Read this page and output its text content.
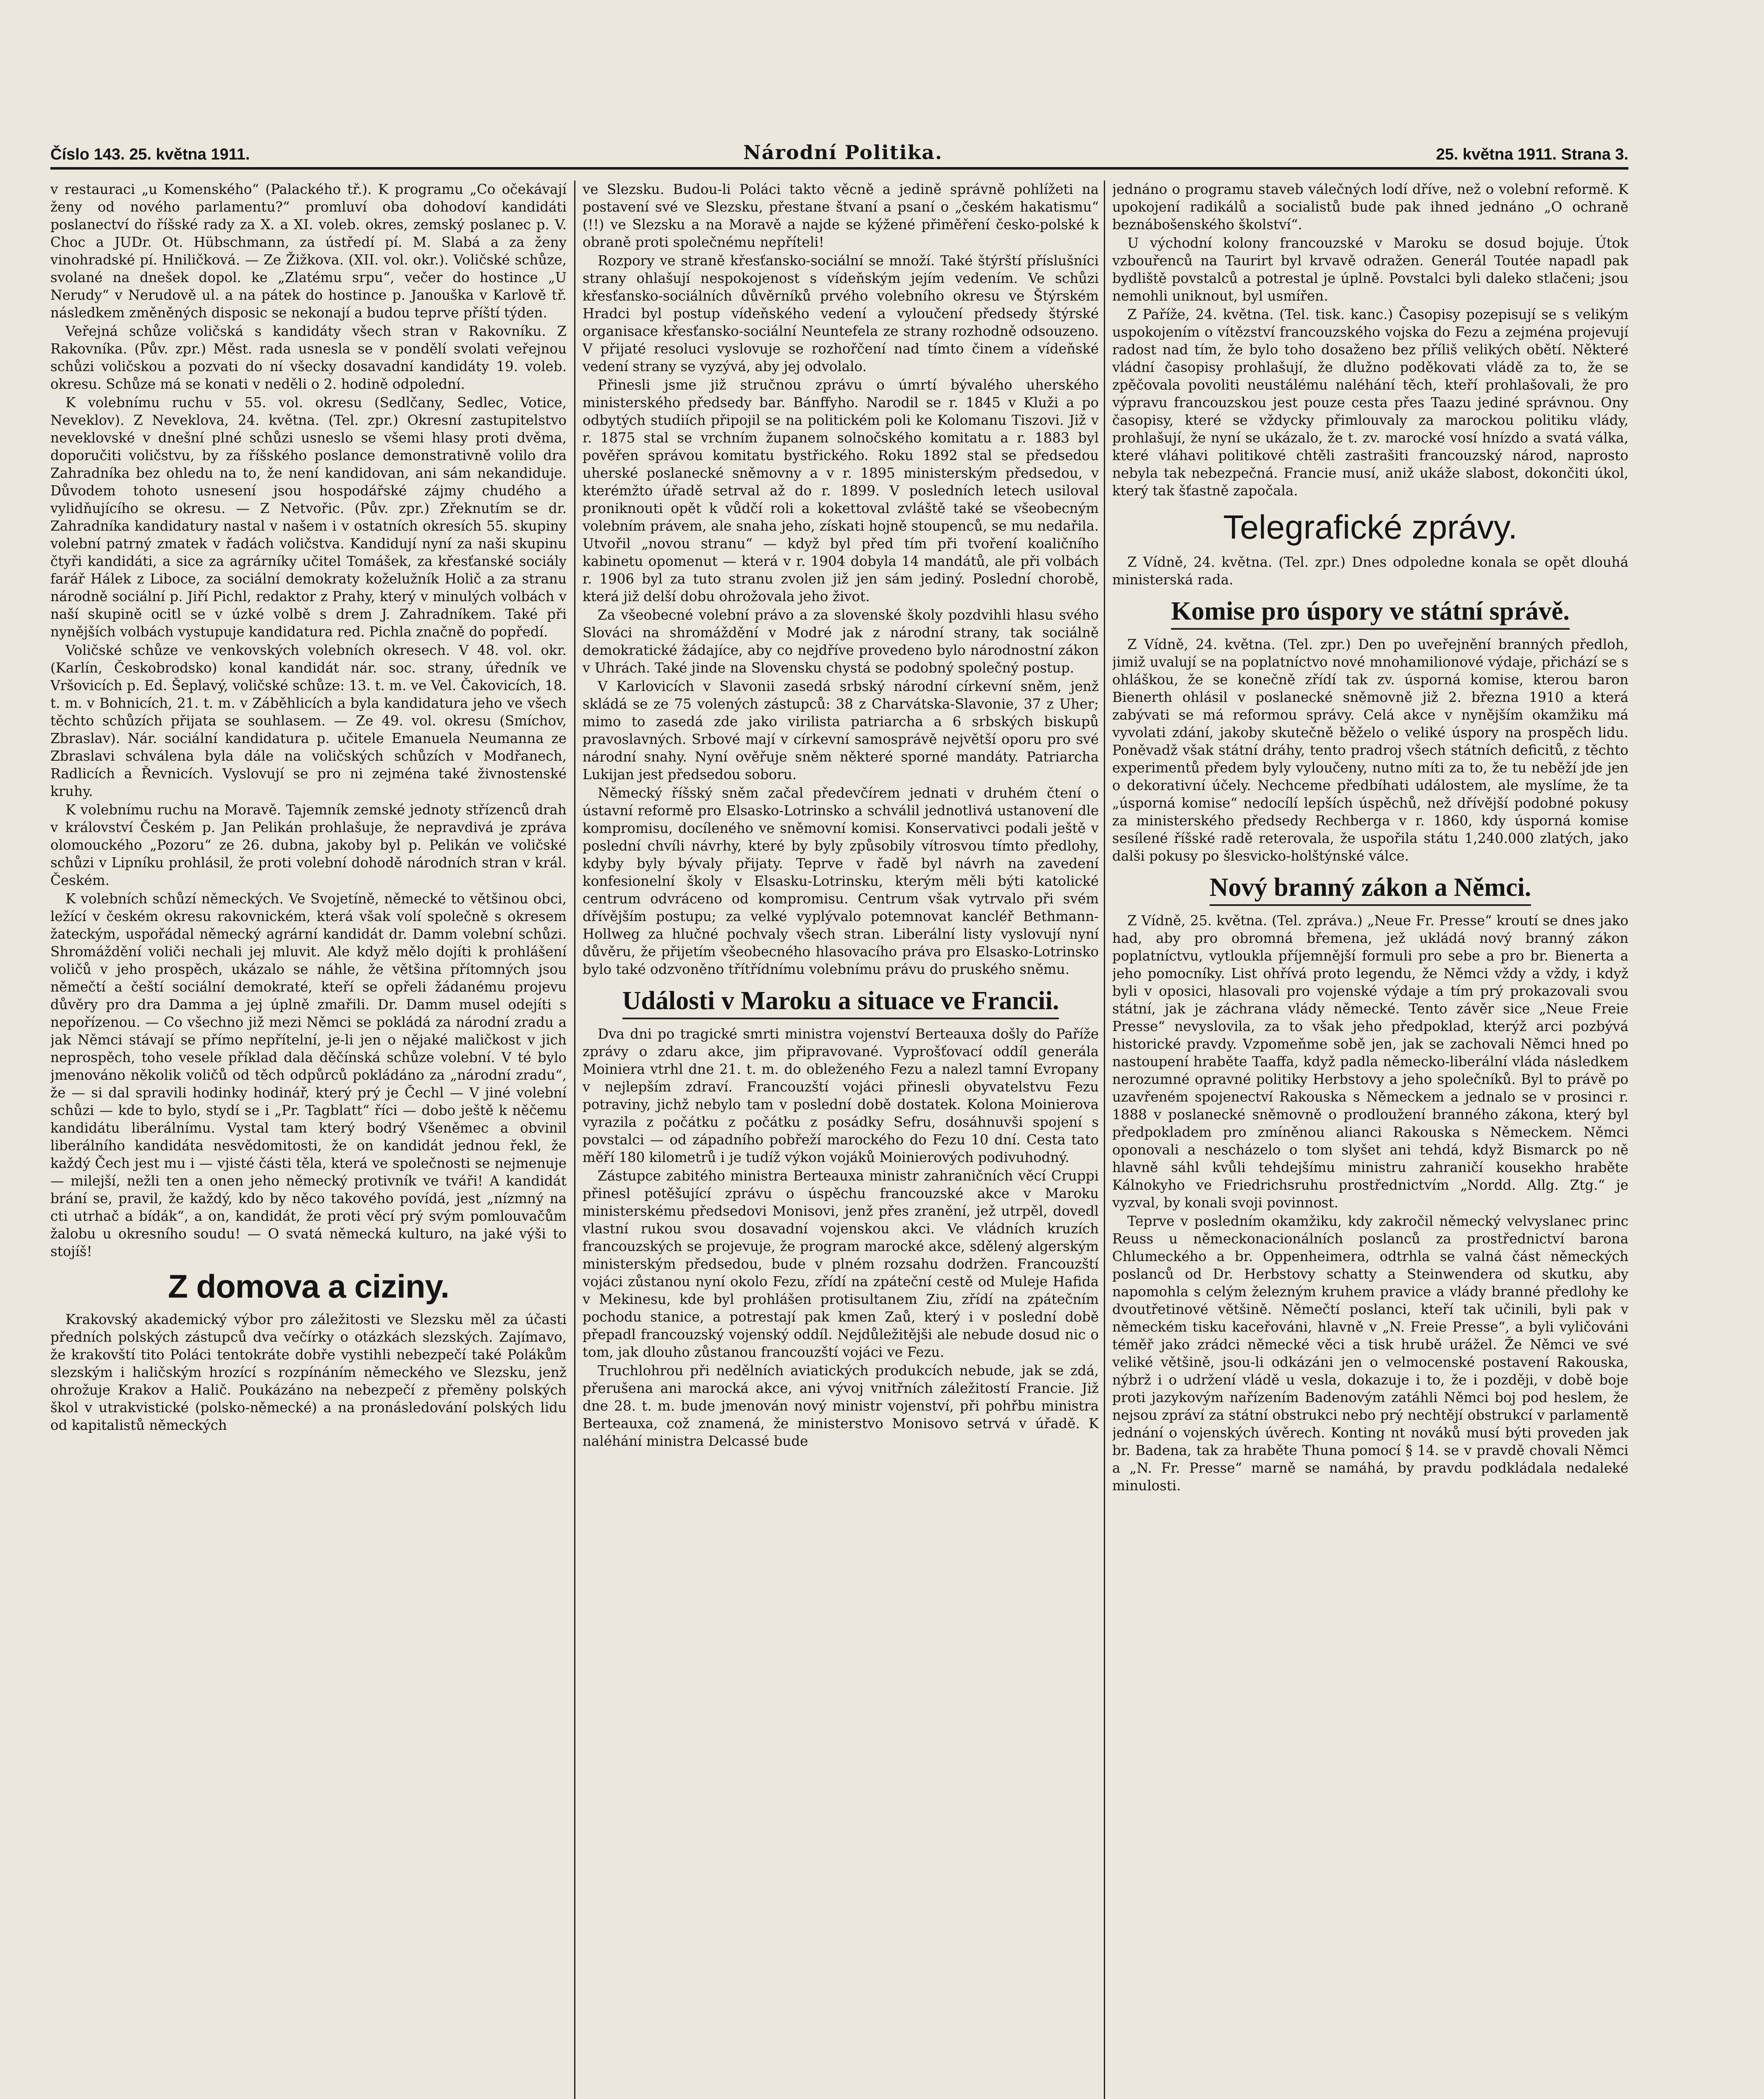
Číslo 143. 25. května 1911.	Národní Politika.	25. května 1911. Strana 3.

v restauraci „u Komenského“ (Palackého tř.). K programu „Co očekávají ženy od nového parlamentu?“ promluví oba dohodoví kandidáti poslanectví do říšské rady za X. a XI. voleb. okres, zemský poslanec p. V. Choc a JUDr. Ot. Hübschmann, za ústředí pí. M. Slabá a za ženy vinohradské pí. Hniličková. — Ze Žižkova. (XII. vol. okr.). Voličské schůze, svolané na dnešek dopol. ke „Zlatému srpu“, večer do hostince „U Nerudy“ v Nerudově ul. a na pátek do hostince p. Janouška v Karlově tř. následkem změněných disposic se nekonají a budou teprve příští týden.

Veřejná schůze voličská s kandidáty všech stran v Rakovníku. Z Rakovníka. (Pův. zpr.) Měst. rada usnesla se v pondělí svolati veřejnou schůzi voličskou a pozvati do ní všecky dosavadní kandidáty 19. voleb. okresu. Schůze má se konati v neděli o 2. hodině odpolední.

K volebnímu ruchu v 55. vol. okresu (Sedlčany, Sedlec, Votice, Neveklov). Z Neveklova, 24. května. (Tel. zpr.) Okresní zastupitelstvo neveklovské v dnešní plné schůzi usneslo se všemi hlasy proti dvěma, doporučiti voličstvu, by za říšského poslance demonstrativně volilo dra Zahradníka bez ohledu na to, že není kandidovan, ani sám nekandiduje. Důvodem tohoto usnesení jsou hospodářské zájmy chudého a vylidňujícího se okresu. — Z Netvořic. (Pův. zpr.) Zřeknutím se dr. Zahradníka kandidatury nastal v našem i v ostatních okresích 55. skupiny volební patrný zmatek v řadách voličstva. Kandidují nyní za naši skupinu čtyři kandidáti, a sice za agrárníky učitel Tomášek, za křesťanské sociály farář Hálek z Liboce, za sociální demokraty koželužník Holič a za stranu národně sociální p. Jiří Pichl, redaktor z Prahy, který v minulých volbách v naší skupině ocitl se v úzké volbě s drem J. Zahradníkem. Také při nynějších volbách vystupuje kandidatura red. Pichla značně do popředí.

Voličské schůze ve venkovských volebních okresech. V 48. vol. okr. (Karlín, Českobrodsko) konal kandidát nár. soc. strany, úředník ve Vršovicích p. Ed. Šeplavý, voličské schůze: 13. t. m. ve Vel. Čakovicích, 18. t. m. v Bohnicích, 21. t. m. v Záběhlicích a byla kandidatura jeho ve všech těchto schůzích přijata se souhlasem. — Ze 49. vol. okresu (Smíchov, Zbraslav). Nár. sociální kandidatura p. učitele Emanuela Neumanna ze Zbraslavi schválena byla dále na voličských schůzích v Modřanech, Radlicích a Řevnicích. Vyslovují se pro ni zejména také živnostenské kruhy.

K volebnímu ruchu na Moravě. Tajemník zemské jednoty střízenců drah v království Českém p. Jan Pelikán prohlašuje, že nepravdivá je zpráva olomouckého „Pozoru“ ze 26. dubna, jakoby byl p. Pelikán ve voličské schůzi v Lipníku prohlásil, že proti volební dohodě národních stran v král. Českém.

K volebních schůzí německých. Ve Svojetíně, německé to většinou obci, ležící v českém okresu rakovnickém, která však volí společně s okresem žateckým, uspořádal německý agrární kandidát dr. Damm volební schůzi. Shromáždění voliči nechali jej mluvit. Ale když mělo dojíti k prohlášení voličů v jeho prospěch, ukázalo se náhle, že většina přítomných jsou němečtí a čeští sociální demokraté, kteří se opřeli žádanému projevu důvěry pro dra Damma a jej úplně zmařili. Dr. Damm musel odejíti s nepořízenou. — Co všechno již mezi Němci se pokládá za národní zradu a jak Němci stávají se přímo nepřítelní, je-li jen o nějaké maličkost v jich neprospěch, toho vesele příklad dala děčínská schůze volební. V té bylo jmenováno několik voličů od těch odpůrců pokládáno za „národní zradu“, že — si dal spravili hodinky hodinář, který prý je Čechl — V jiné volební schůzi — kde to bylo, stydí se i „Pr. Tagblatt“ říci — dobo ještě k něčemu kandidátu liberálnímu. Vystal tam který bodrý Všeněmec a obvinil liberálního kandidáta nesvědomitosti, že on kandidát jednou řekl, že každý Čech jest mu i — vjisté části těla, která ve společnosti se nejmenuje — milejší, nežli ten a onen jeho německý protivník ve tváři! A kandidát brání se, pravil, že každý, kdo by něco takového povídá, jest „nízmný na cti utrhač a bídák“, a on, kandidát, že proti věcí prý svým pomlouvačům žalobu u okresního soudu! — O svatá německá kulturo, na jaké výši to stojíš!

Z domova a ciziny.

Krakovský akademický výbor pro záležitosti ve Slezsku měl za účasti předních polských zástupců dva večírky o otázkách slezských. Zajímavo, že krakovští tito Poláci tentokráte dobře vystihli nebezpečí také Polákům slezským i haličským hrozící s rozpínáním německého ve Slezsku, jenž ohrožuje Krakov a Halič. Poukázáno na nebezpečí z přeměny polských škol v utrakvistické (polsko-německé) a na pronásledování polských lidu od kapitalistů německých

ve Slezsku. Budou-li Poláci takto věcně a jedině správně pohlížeti na postavení své ve Slezsku, přestane štvaní a psaní o „českém hakatismu“ (!!) ve Slezsku a na Moravě a najde se kýžené přiměření česko-polské k obraně proti společnému nepříteli!

Rozpory ve straně křesťansko-sociální se množí. Také štýrští příslušníci strany ohlašují nespokojenost s vídeňským jejím vedením. Ve schůzi křesťansko-sociálních důvěrníků prvého volebního okresu ve Štýrském Hradci byl postup vídeňského vedení a vyloučení předsedy štýrské organisace křesťansko-sociální Neuntefela ze strany rozhodně odsouzeno. V přijaté resoluci vyslovuje se rozhořčení nad tímto činem a vídeňské vedení strany se vyzývá, aby jej odvolalo.

Přinesli jsme již stručnou zprávu o úmrtí bývalého uherského ministerského předsedy bar. Bánffyho. Narodil se r. 1845 v Kluži a po odbytých studiích připojil se na politickém poli ke Kolomanu Tiszovi. Již v r. 1875 stal se vrchním županem solnočského komitatu a r. 1883 byl pověřen správou komitatu bystřického. Roku 1892 stal se předsedou uherské poslanecké sněmovny a v r. 1895 ministerským předsedou, v kterémžto úřadě setrval až do r. 1899. V posledních letech usiloval proniknouti opět k vůdčí roli a kokettoval zvláště také se všeobecným volebním právem, ale snaha jeho, získati hojně stoupenců, se mu nedařila. Utvořil „novou stranu“ — když byl před tím při tvoření koaličního kabinetu opomenut — která v r. 1904 dobyla 14 mandátů, ale při volbách r. 1906 byl za tuto stranu zvolen již jen sám jediný. Poslední chorobě, která již delší dobu ohrožovala jeho život.

Za všeobecné volební právo a za slovenské školy pozdvihli hlasu svého Slováci na shromáždění v Modré jak z národní strany, tak sociálně demokratické žádajíce, aby co nejdříve provedeno bylo národnostní zákon v Uhrách. Také jinde na Slovensku chystá se podobný společný postup.

V Karlovicích v Slavonii zasedá srbský národní církevní sněm, jenž skládá se ze 75 volených zástupců: 38 z Charvátska-Slavonie, 37 z Uher; mimo to zasedá zde jako virilista patriarcha a 6 srbských biskupů pravoslavných. Srbové mají v církevní samosprávě největší oporu pro své národní snahy. Nyní ověřuje sněm některé sporné mandáty. Patriarcha Lukijan jest předsedou soboru.

Německý říšský sněm začal předevčírem jednati v druhém čtení o ústavní reformě pro Elsasko-Lotrinsko a schválil jednotlivá ustanovení dle kompromisu, docíleného ve sněmovní komisi. Konservativci podali ještě v poslední chvíli návrhy, které by byly způsobily vítrosvou tímto předlohy, kdyby byly bývaly přijaty. Teprve v řadě byl návrh na zavedení konfesionelní školy v Elsasku-Lotrinsku, kterým měli býti katolické centrum odvráceno od kompromisu. Centrum však vytrvalo při svém dřívějším postupu; za velké vyplývalo potemnovat kancléř Bethmann-Hollweg za hlučné pochvaly všech stran. Liberální listy vyslovují nyní důvěru, že přijetím všeobecného hlasovacího práva pro Elsasko-Lotrinsko bylo také odzvoněno třítřídnímu volebnímu právu do pruského sněmu.

Události v Maroku a situace ve Francii.

Dva dni po tragické smrti ministra vojenství Berteauxa došly do Paříže zprávy o zdaru akce, jim připravované. Vyprošťovací oddíl generála Moiniera vtrhl dne 21. t. m. do obleženého Fezu a nalezl tamní Evropany v nejlepším zdraví. Francouzští vojáci přinesli obyvatelstvu Fezu potraviny, jichž nebylo tam v poslední době dostatek. Kolona Moinierova vyrazila z počátku z počátku z posádky Sefru, dosáhnuvši spojení s povstalci — od západního pobřeží marockého do Fezu 10 dní. Cesta tato měří 180 kilometrů i je tudíž výkon vojáků Moinierových podivuhodný.

Zástupce zabitého ministra Berteauxa ministr zahraničních věcí Cruppi přinesl potěšující zprávu o úspěchu francouzské akce v Maroku ministerskému předsedovi Monisovi, jenž přes zranění, jež utrpěl, dovedl vlastní rukou svou dosavadní vojenskou akci. Ve vládních kruzích francouzských se projevuje, že program marocké akce, sdělený algerským ministerským předsedou, bude v plném rozsahu dodržen. Francouzští vojáci zůstanou nyní okolo Fezu, zřídí na zpáteční cestě od Muleje Hafida v Mekinesu, kde byl prohlášen protisultanem Ziu, zřídí na zpátečním pochodu stanice, a potrestají pak kmen Zaů, který i v poslední době přepadl francouzský vojenský oddíl. Nejdůležitějši ale nebude dosud nic o tom, jak dlouho zůstanou francouzští vojáci ve Fezu.

Truchlohrou při nedělních aviatických produkcích nebude, jak se zdá, přerušena ani marocká akce, ani vývoj vnitřních záležitostí Francie. Již dne 28. t. m. bude jmenován nový ministr vojenství, při pohřbu ministra Berteauxa, což znamená, že ministerstvo Monisovo setrvá v úřadě. K naléhání ministra Delcassé bude

jednáno o programu staveb válečných lodí dříve, než o volební reformě. K upokojení radikálů a socialistů bude pak ihned jednáno „O ochraně beznábošenského školství“.

U východní kolony francouzské v Maroku se dosud bojuje. Útok vzbouřenců na Taurirt byl krvavě odražen. Generál Toutée napadl pak bydliště povstalců a potrestal je úplně. Povstalci byli daleko stlačeni; jsou nemohli uniknout, byl usmířen.

Z Paříže, 24. května. (Tel. tisk. kanc.) Časopisy pozepisují se s velikým uspokojením o vítězství francouzského vojska do Fezu a zejména projevují radost nad tím, že bylo toho dosaženo bez příliš velikých obětí. Některé vládní časopisy prohlašují, že dlužno poděkovati vládě za to, že se zpěčovala povoliti neustálému naléhání těch, kteří prohlašovali, že pro výpravu francouzskou jest pouze cesta přes Taazu jediné správnou. Ony časopisy, které se vždycky přimlouvaly za marockou politiku vlády, prohlašují, že nyní se ukázalo, že t. zv. marocké vosí hnízdo a svatá válka, které vláhavi politikové chtěli zastrašiti francouzský národ, naprosto nebyla tak nebezpečná. Francie musí, aniž ukáže slabost, dokončiti úkol, který tak šťastně započala.

Telegrafické zprávy.

Z Vídně, 24. května. (Tel. zpr.) Dnes odpoledne konala se opět dlouhá ministerská rada.

Komise pro úspory ve státní správě.

Z Vídně, 24. května. (Tel. zpr.) Den po uveřejnění branných předloh, jimiž uvalují se na poplatníctvo nové mnohamilionové výdaje, přichází se s ohláškou, že se konečně zřídí tak zv. úsporná komise, kterou baron Bienerth ohlásil v poslanecké sněmovně již 2. března 1910 a která zabývati se má reformou správy. Celá akce v nynějším okamžiku má vyvolati zdání, jakoby skutečně běželo o veliké úspory na prospěch lidu. Poněvadž však státní dráhy, tento pradroj všech státních deficitů, z těchto experimentů předem byly vyloučeny, nutno míti za to, že tu neběží jde jen o dekorativní účely. Nechceme předbíhati událostem, ale myslíme, že ta „úsporná komise“ nedocílí lepších úspěchů, než dřívější podobné pokusy za ministerského předsedy Rechberga v r. 1860, kdy úsporná komise sesílené říšské radě reterovala, že uspořila státu 1,240.000 zlatých, jako dalši pokusy po šlesvicko-holštýnské válce.

Nový branný zákon a Němci.

Z Vídně, 25. května. (Tel. zpráva.) „Neue Fr. Presse“ kroutí se dnes jako had, aby pro obromná břemena, jež ukládá nový branný zákon poplatníctvu, vytloukla příjemnější formuli pro sebe a pro br. Bienerta a jeho pomocníky. List ohřívá proto legendu, že Němci vždy a vždy, i když byli v oposici, hlasovali pro vojenské výdaje a tím prý prokazovali svou státní, jak je záchrana vlády německé. Tento závěr sice „Neue Freie Presse“ nevyslovila, za to však jeho předpoklad, kterýž arci pozbývá historické pravdy. Vzpomeňme sobě jen, jak se zachovali Němci hned po nastoupení hraběte Taaffa, když padla německo-liberální vláda následkem nerozumné opravné politiky Herbstovy a jeho společníků. Byl to právě po uzavřeném spojenectví Rakouska s Německem a jednalo se v prosinci r. 1888 v poslanecké sněmovně o prodloužení branného zákona, který byl předpokladem pro zmíněnou alianci Rakouska s Německem. Němci oponovali a nescházelo o tom slyšet ani tehdá, když Bismarck po ně hlavně sáhl kvůli tehdejšímu ministru zahraničí kousekho hraběte Kálnokyho ve Friedrichsruhu prostřednictvím „Nordd. Allg. Ztg.“ je vyzval, by konali svoji povinnost.

Teprve v posledním okamžiku, kdy zakročil německý velvyslanec princ Reuss u německonacionálních poslanců za prostřednictví barona Chlumeckého a br. Oppenheimera, odtrhla se valná část německých poslanců od Dr. Herbstovy schatty a Steinwendera od skutku, aby napomohla s celým železným kruhem pravice a vlády branné předlohy ke dvoutřetinové většině. Němečtí poslanci, kteří tak učinili, byli pak v německém tisku kaceřováni, hlavně v „N. Freie Presse“, a byli vyličováni téměř jako zrádci německé věci a tisk hrubě urážel. Že Němci ve své veliké většině, jsou-li odkázáni jen o velmocenské postavení Rakouska, nýbrž i o udržení vládě u vesla, dokazuje i to, že i později, v době boje proti jazykovým nařízením Badenovým zatáhli Němci boj pod heslem, že nejsou zpráví za státní obstrukci nebo prý nechtějí obstrukcí v parlamentě jednání o vojenských úvěrech. Konting nt nováků musí býti proveden jak br. Badena, tak za hraběte Thuna pomocí § 14. se v pravdě chovali Němci a „N. Fr. Presse“ marně se namáhá, by pravdu podkládala nedaleké minulosti.
